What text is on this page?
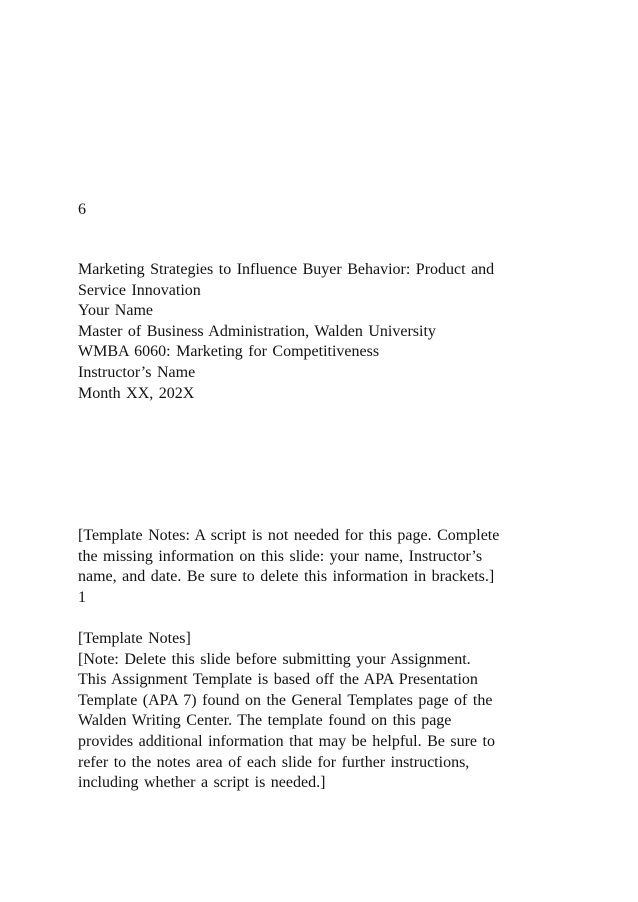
6
Marketing Strategies to Influence Buyer Behavior: Product and
Service Innovation
Your Name
Master of Business Administration, Walden University
WMBA 6060: Marketing for Competitiveness
Instructor’s Name
Month XX, 202X
[Template Notes: A script is not needed for this page. Complete
the missing information on this slide: your name, Instructor’s
name, and date. Be sure to delete this information in brackets.]
1
[Template Notes]
[Note: Delete this slide before submitting your Assignment.
This Assignment Template is based off the APA Presentation
Template (APA 7) found on the General Templates page of the
Walden Writing Center. The template found on this page
provides additional information that may be helpful. Be sure to
refer to the notes area of each slide for further instructions,
including whether a script is needed.]
